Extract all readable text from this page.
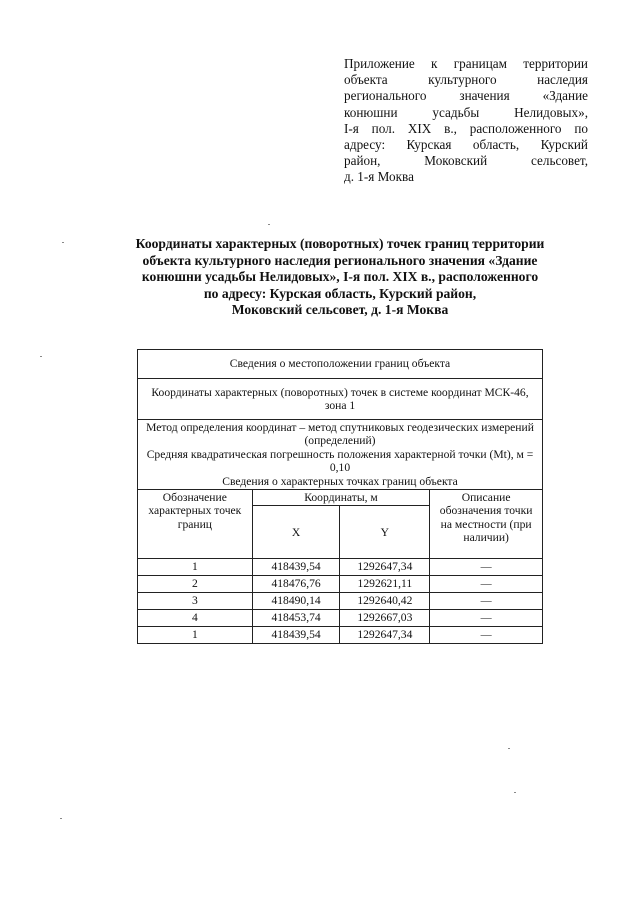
Приложение к границам территории
объекта культурного наследия
регионального значения «Здание
конюшни усадьбы Нелидовых»,
I-я пол. XIX в., расположенного по
адресу: Курская область, Курский
район, Моковский сельсовет,
д. 1-я Моква
Координаты характерных (поворотных) точек границ территории
объекта культурного наследия регионального значения «Здание
конюшни усадьбы Нелидовых», I-я пол. XIX в., расположенного
по адресу: Курская область, Курский район,
Моковский сельсовет, д. 1-я Моква
Сведения о местоположении границ объекта			
Координаты характерных (поворотных) точек в системе координат МСК-46, зона 1			

Метод определения координат – метод спутниковых геодезических измерений (определений)
Средняя квадратическая погрешность положения характерной точки (Mt), м = 0,10
Сведения о характерных точках границ объекта			

Обозначение характерных точек границ	Координаты, м		Описание обозначения точки на местности (при наличии)
	X	Y	
1	418439,54	1292647,34	—
2	418476,76	1292621,11	—
3	418490,14	1292640,42	—
4	418453,74	1292667,03	—
1	418439,54	1292647,34	—
